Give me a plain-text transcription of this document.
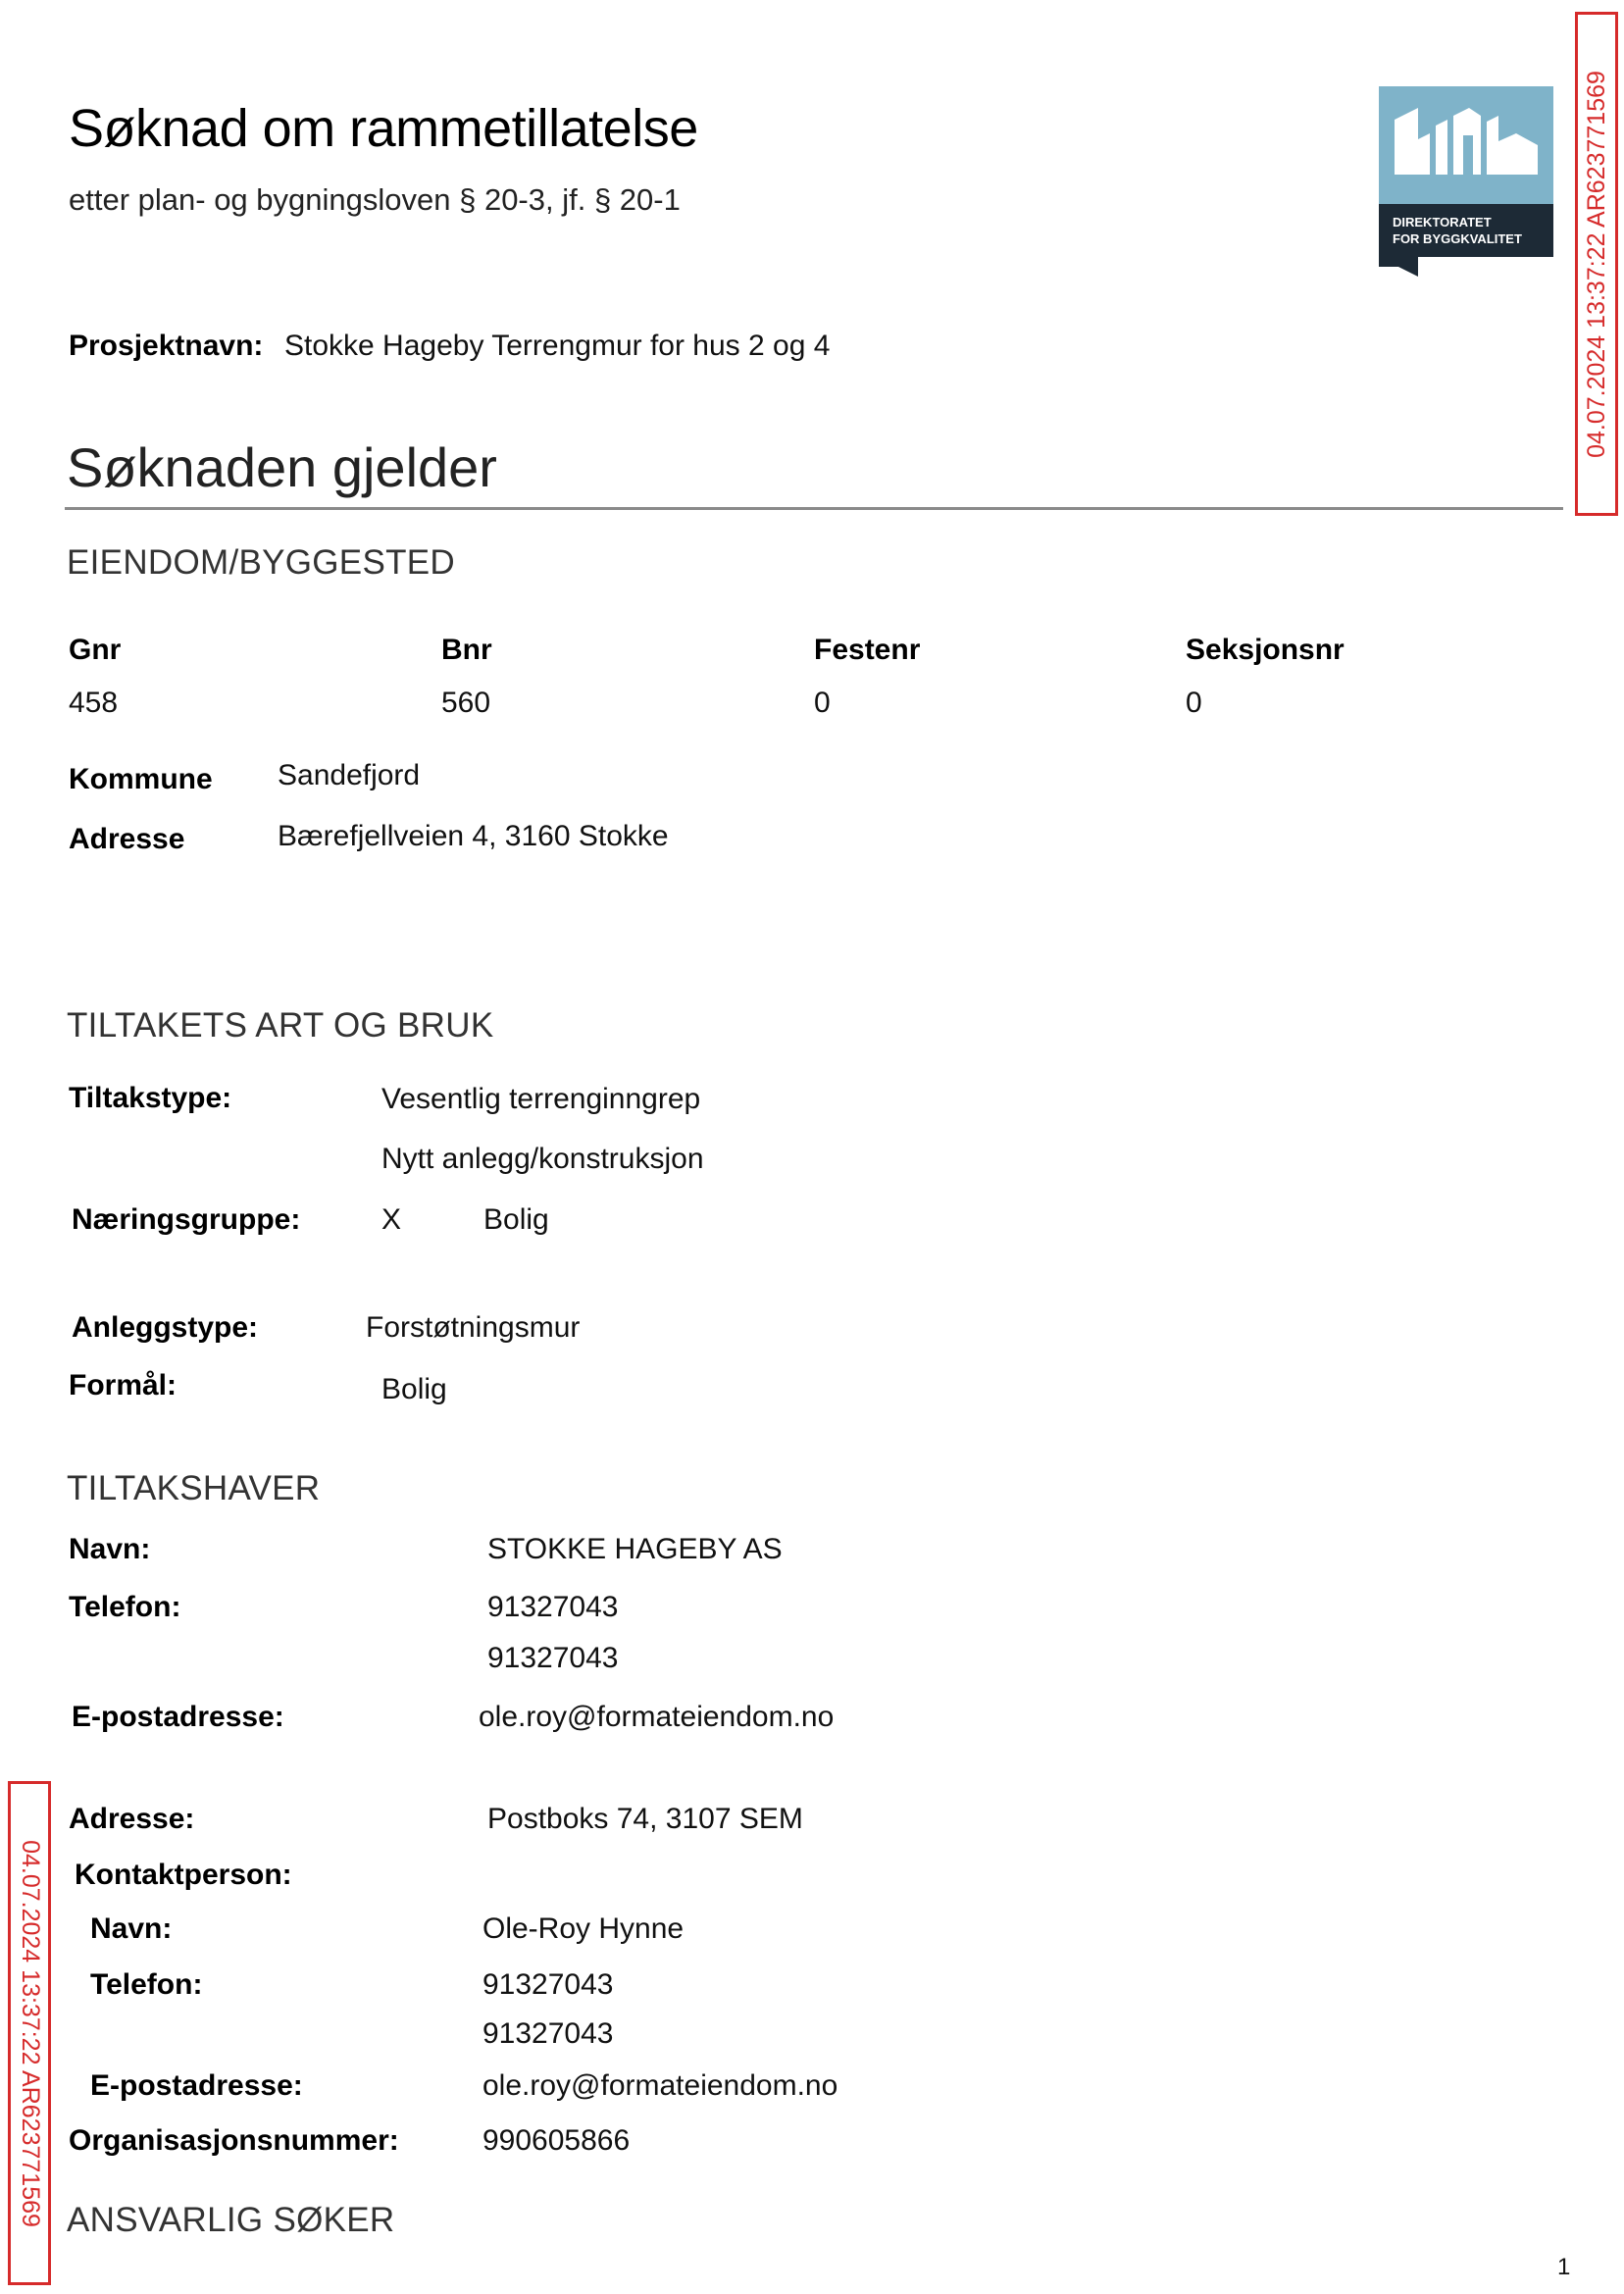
Søknad om rammetillatelse
etter plan- og bygningsloven § 20-3, jf. § 20-1
DIREKTORATET
FOR BYGGKVALITET 04.07.2024 13:37:22 AR623771569
04.07.2024 13:37:22 AR623771569
Prosjektnavn: Stokke Hageby Terrengmur for hus 2 og 4
Søknaden gjelder
EIENDOM/BYGGESTED
Gnr	Bnr	Festenr	Seksjonsnr
458	560	0	0
Kommune Sandefjord
Adresse	Bærefjellveien 4, 3160 Stokke
TILTAKETS ART OG BRUK
Tiltakstype:	Vesentlig terrenginngrep
Nytt anlegg/konstruksjon
Næringsgruppe:	X	Bolig
Anleggstype:	Forstøtningsmur
Formål:	Bolig
TILTAKSHAVER
Navn:	STOKKE HAGEBY AS
Telefon:	91327043
91327043
E-postadresse:	ole.roy@formateiendom.no
Adresse:	Postboks 74, 3107 SEM
Kontaktperson:
Navn:	Ole-Roy Hynne
Telefon:	91327043
91327043
E-postadresse:	ole.roy@formateiendom.no
Organisasjonsnummer:	990605866
ANSVARLIG SØKER
1
